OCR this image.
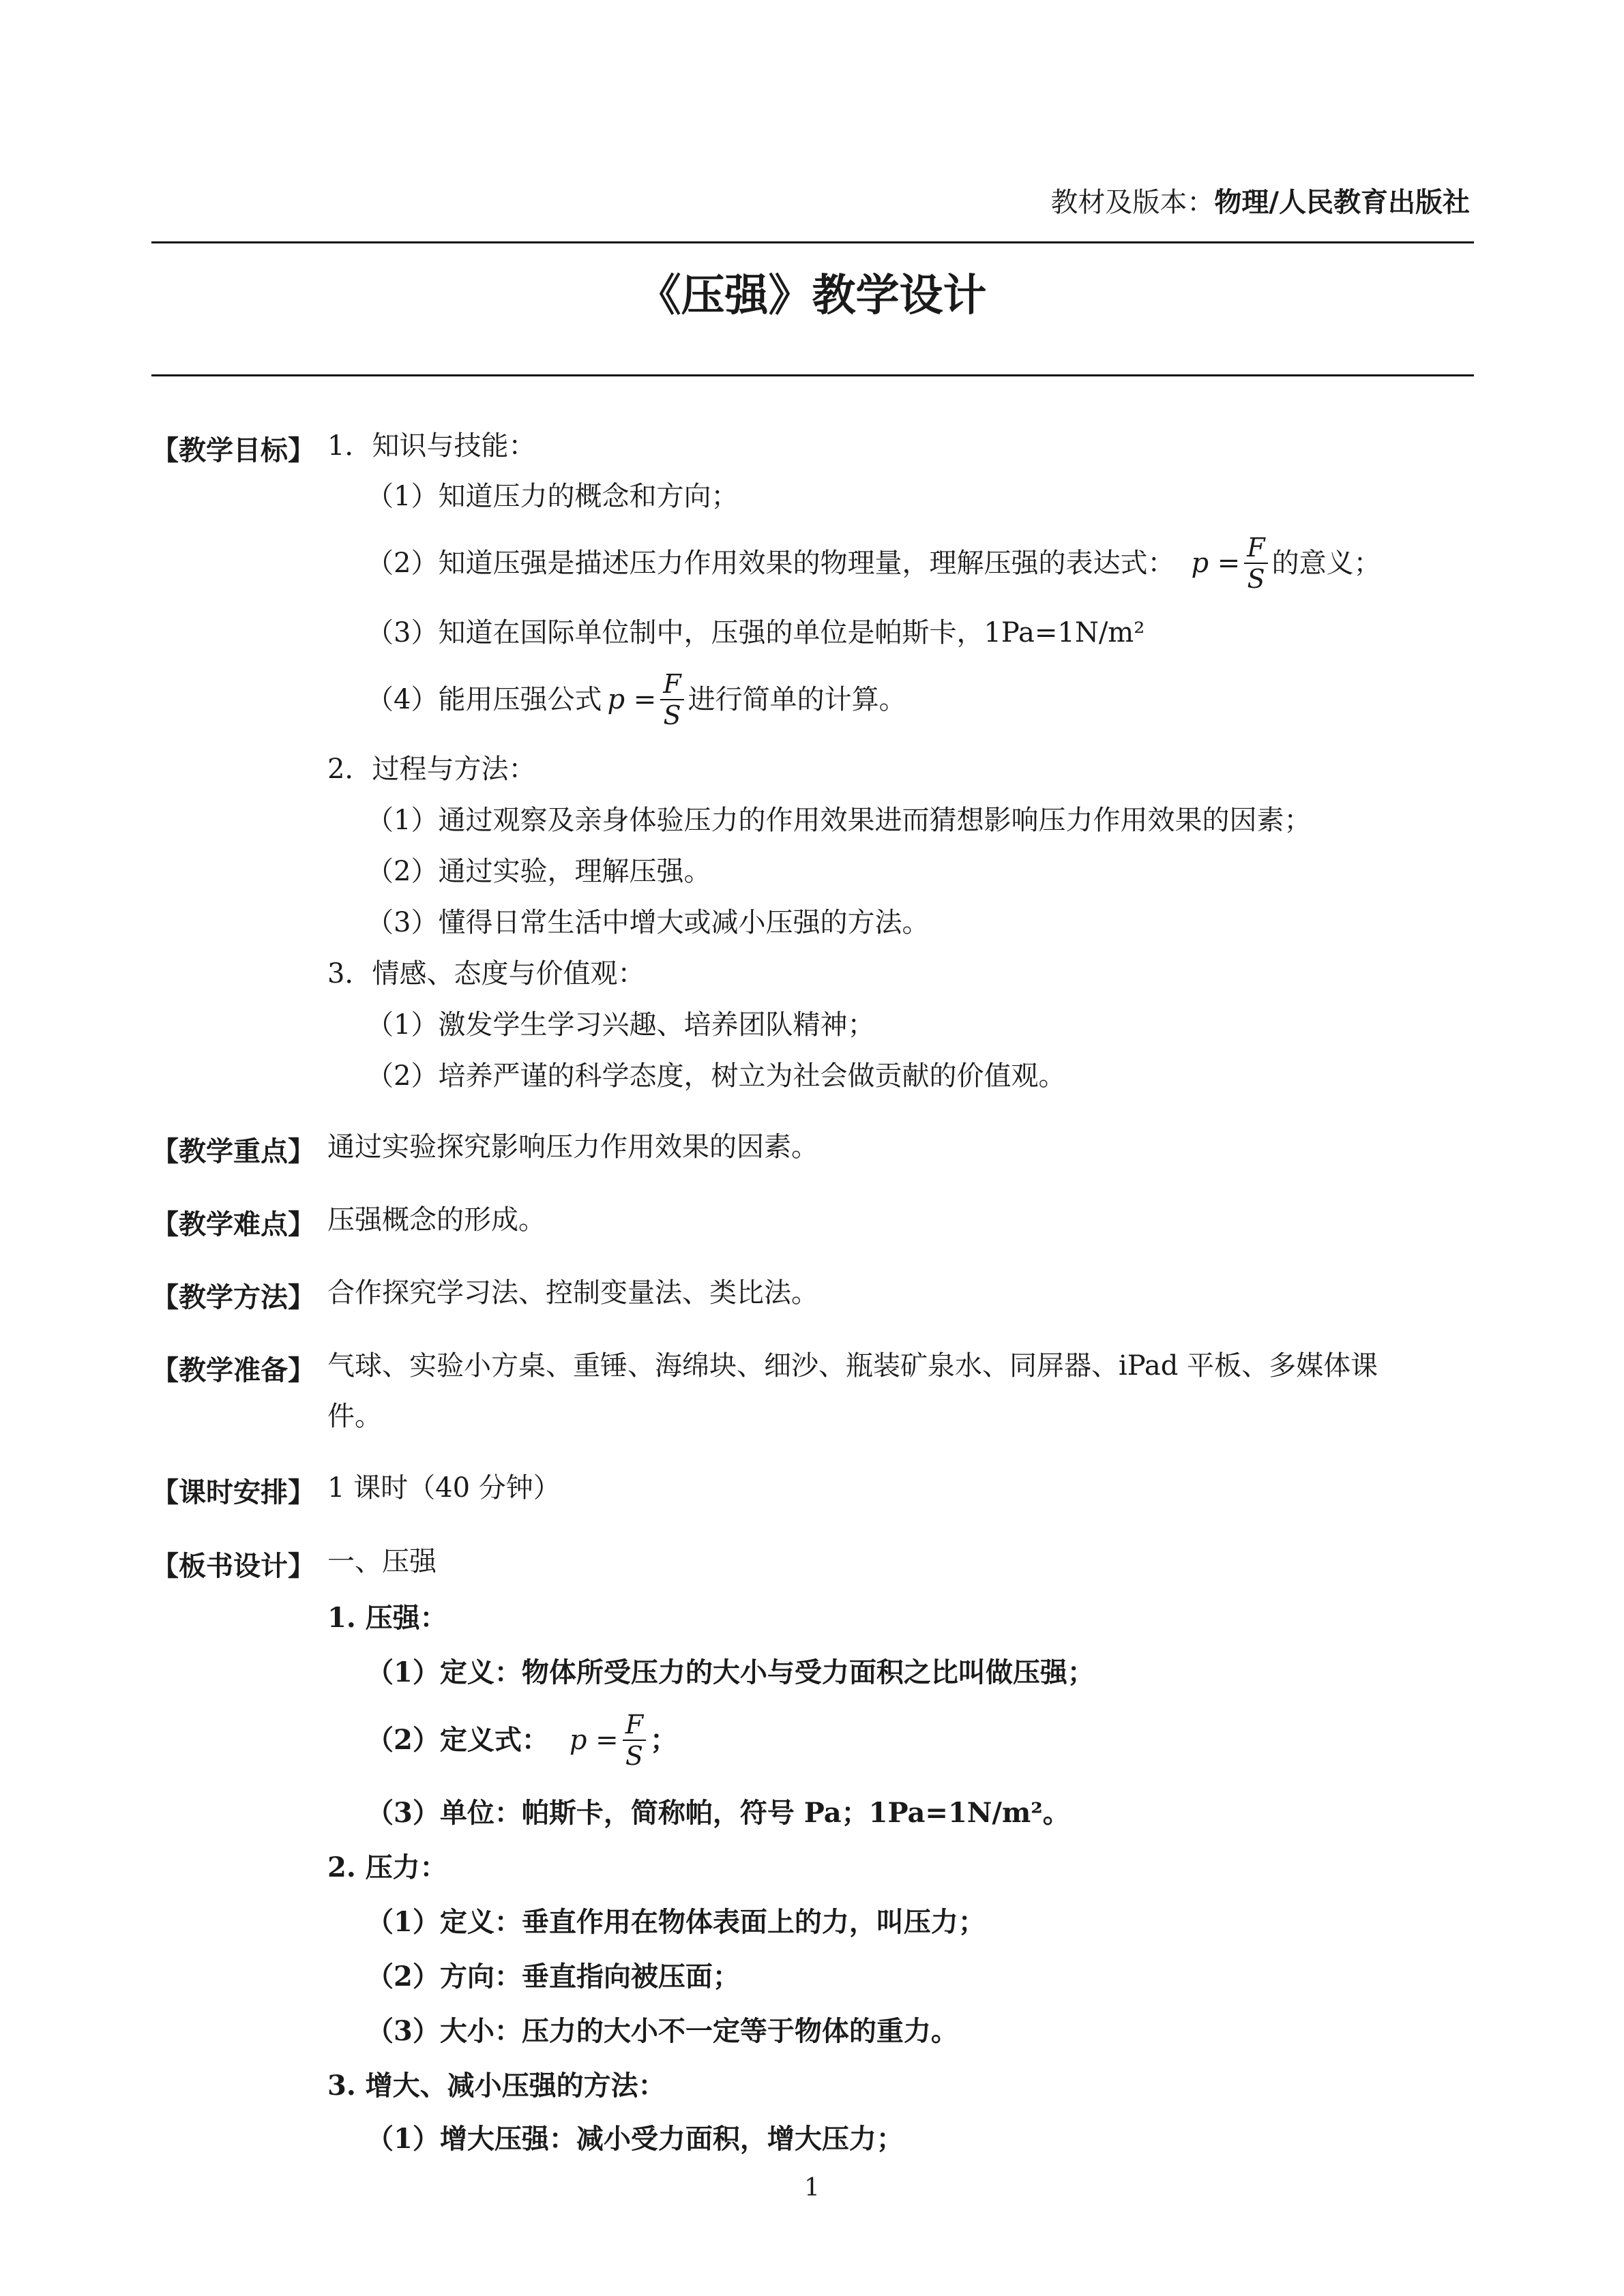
教材及版本：物理/人民教育出版社
《压强》教学设计
【教学目标】 1．知识与技能：
（1）知道压力的概念和方向；
（2）知道压强是描述压力作用效果的物理量，理解压强的表达式： $p = \frac{F}{S}$ 的意义；
（3）知道在国际单位制中，压强的单位是帕斯卡，1Pa=1N/m²
（4）能用压强公式 $p = \frac{F}{S}$ 进行简单的计算。
2．过程与方法：
（1）通过观察及亲身体验压力的作用效果进而猜想影响压力作用效果的因素；
（2）通过实验，理解压强。
（3）懂得日常生活中增大或减小压强的方法。
3．情感、态度与价值观：
（1）激发学生学习兴趣、培养团队精神；
（2）培养严谨的科学态度，树立为社会做贡献的价值观。
【教学重点】 通过实验探究影响压力作用效果的因素。
【教学难点】 压强概念的形成。
【教学方法】 合作探究学习法、控制变量法、类比法。
【教学准备】 气球、实验小方桌、重锤、海绵块、细沙、瓶装矿泉水、同屏器、iPad 平板、多媒体课
件。
【课时安排】 1 课时（40 分钟）
【板书设计】 一、压强
1. 压强：
（1）定义：物体所受压力的大小与受力面积之比叫做压强；
（2）定义式： $p = \frac{F}{S}$ ；
（3）单位：帕斯卡，简称帕，符号 Pa；1Pa=1N/m²。
2. 压力：
（1）定义：垂直作用在物体表面上的力，叫压力；
（2）方向：垂直指向被压面；
（3）大小：压力的大小不一定等于物体的重力。
3. 增大、减小压强的方法：
（1）增大压强：减小受力面积，增大压力；
1
